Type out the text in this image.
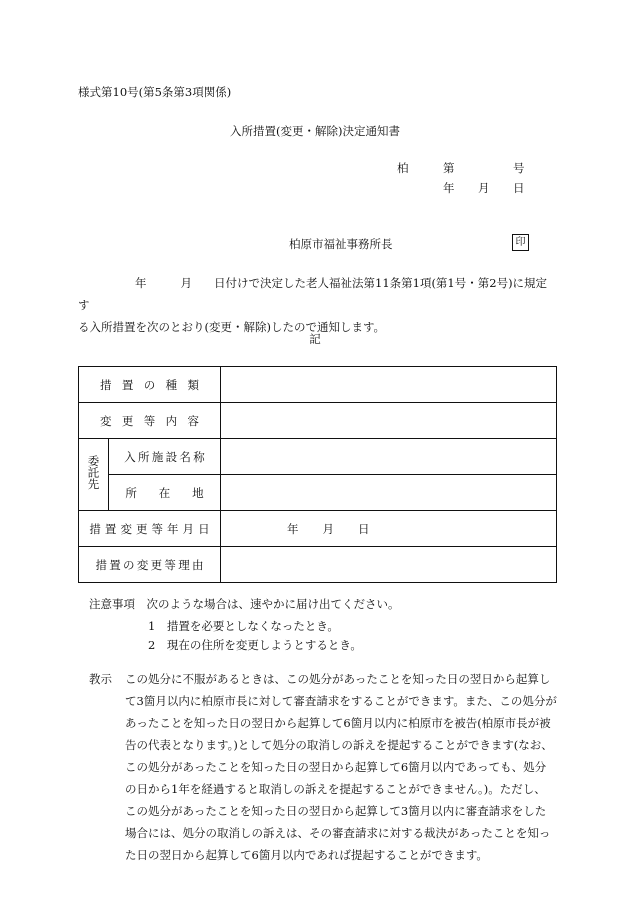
様式第10号(第5条第3項関係)
入所措置(変更・解除)決定通知書
柏	第	号
年 月 日
柏原市福祉事務所長	印
年	月 日付けで決定した老人福祉法第11条第1項(第1号・第2号)に規定す
る入所措置を次のとおり(変更・解除)したので通知します。
記
措置の種類		
変更等内容		
委託先	入所施設名称	
	所在地	
措置変更等年月日		年 月 日
措置の変更等理由		
注意事項　次のような場合は、速やかに届け出てください。
1　措置を必要としなくなったとき。
2　現在の住所を変更しようとするとき。
教示 この処分に不服があるときは、この処分があったことを知った日の翌日から起算して3箇月以内に柏原市長に対して審査請求をすることができます。また、この処分があったことを知った日の翌日から起算して6箇月以内に柏原市を被告(柏原市長が被告の代表となります。)として処分の取消しの訴えを提起することができます(なお、この処分があったことを知った日の翌日から起算して6箇月以内であっても、処分の日から1年を経過すると取消しの訴えを提起することができません。)。ただし、この処分があったことを知った日の翌日から起算して3箇月以内に審査請求をした場合には、処分の取消しの訴えは、その審査請求に対する裁決があったことを知った日の翌日から起算して6箇月以内であれば提起することができます。
